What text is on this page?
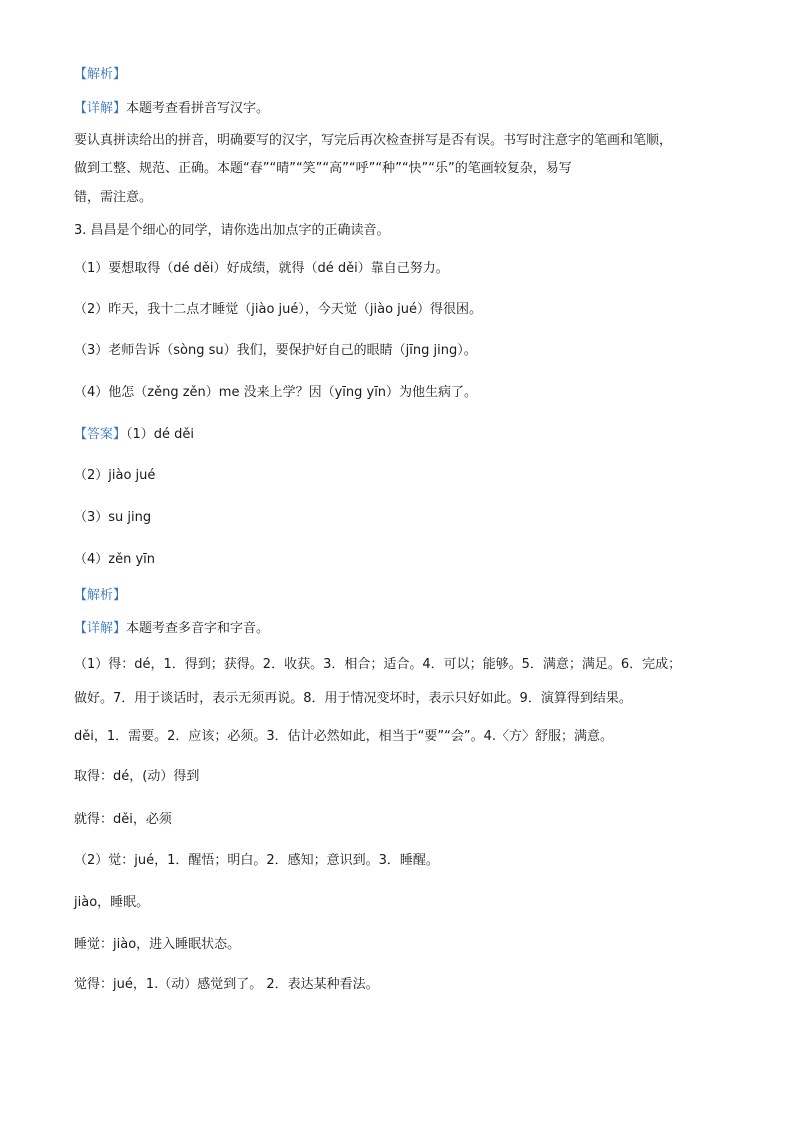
【解析】
【详解】本题考查看拼音写汉字。
要认真拼读给出的拼音，明确要写的汉字，写完后再次检查拼写是否有误。书写时注意字的笔画和笔顺，
做到工整、规范、正确。本题“春”“晴”“笑”“高”“呼”“种”“快”“乐”的笔画较复杂，易写
错，需注意。
3. 昌昌是个细心的同学，请你选出加点字的正确读音。
（1）要想取得（dé děi）好成绩，就得（dé děi）靠自己努力。
（2）昨天，我十二点才睡觉（jiào jué），今天觉（jiào jué）得很困。
（3）老师告诉（sòng su）我们，要保护好自己的眼睛（jīng jing）。
（4）他怎（zěng zěn）me 没来上学？因（yīng yīn）为他生病了。
【答案】（1）dé děi
（2）jiào jué
（3）su jing
（4）zěn yīn
【解析】
【详解】本题考查多音字和字音。
（1）得：dé，1．得到；获得。2．收获。3．相合；适合。4．可以；能够。5．满意；满足。6．完成；
做好。7．用于谈话时，表示无须再说。8．用于情况变坏时，表示只好如此。9．演算得到结果。
děi，1．需要。2．应该；必须。3．估计必然如此，相当于“要”“会”。4.〈方〉舒服；满意。
取得：dé，(动）得到
就得：děi，必须
（2）觉：jué，1．醒悟；明白。2．感知；意识到。3．睡醒。
jiào，睡眠。
睡觉：jiào，进入睡眠状态。
觉得：jué，1.（动）感觉到了。 2．表达某种看法。
